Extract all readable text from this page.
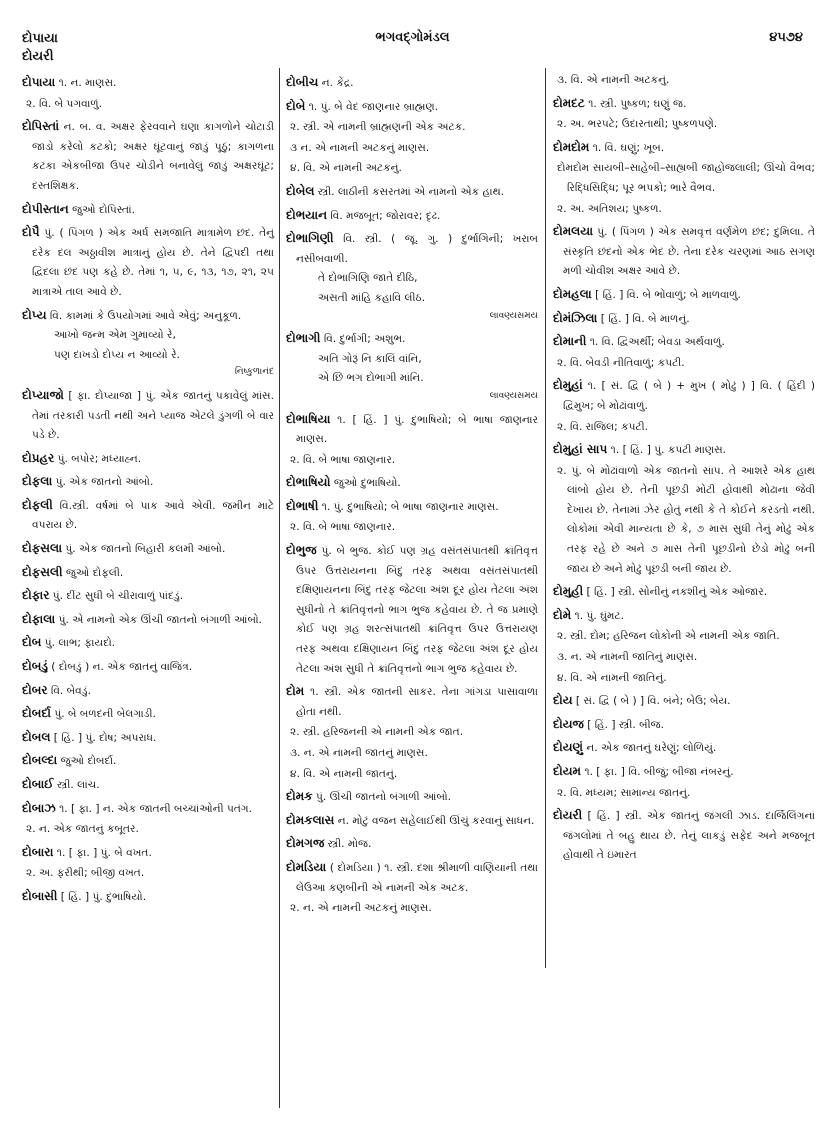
દોપાયા
દોયરી
ભગવદ્ગોમંડલ	૪૫૭૪
દોપાયા ૧. ન. માણસ.
૨. વિ. બે પગવાળું.
દોપિસ્તાં ન. બ. વ. અક્ષર ફેરવવાને ઘણા કાગળોને ચોટાડી જાડો કરેલો કટકો; અક્ષર ઘૂંટવાનું જાડું પૂઠું; કાગળના કટકા એકબીજા ઉપર ચોડીને બનાવેલું જાડું અક્ષરઘૂંટ; દસ્તશિક્ષક.
દોપીસ્તાન જુઓ દોપિસ્તાં.
દોપૈ પું. ( પિંગળ ) એક અર્ધ સમજાતિ માત્રામેળ છંદ. તેનું દરેક દલ અઠ્ઠાવીશ માત્રાનું હોય છે. તેને દ્વિપદી તથા દ્વિદલા છંદ પણ કહે છે. તેમાં ૧, ૫, ૯, ૧૩, ૧૭, ૨૧, ૨૫ માત્રાએ તાલ આવે છે.
દોપ્ય વિ. કામમાં કે ઉપયોગમાં આવે એવું; અનુકૂળ.
આખો જન્મ એમ ગુમાવ્યો રે,
પણ દાખડો દોપ્ય ન આવ્યો રે.
નિષ્કુળાનંદ
દોપ્યાજો [ ફા. દોપ્યાજા ] પું. એક જાતનું પકાવેલું માંસ. તેમાં તરકારી પડતી નથી અને પ્યાજ એટલે ડુંગળી બે વાર પડે છે.
દોપ્રહર પું. બપોર; મધ્યાહ્ન.
દોફલા પું. એક જાતનો આંબો.
દોફલી વિ.સ્ત્રી. વર્ષમાં બે પાક આવે એવી. જમીન માટે વપરાય છે.
દોફસલા પું. એક જાતનો બિહારી કલમી આંબો.
દોફસલી જુઓ દોફલી.
દોફાર પું. દીંટ સુધી બે ચીરાવાળું પાંદડું.
દોફાલા પું. એ નામનો એક ઊંચી જાતનો બંગાળી આંબો.
દોબ પું. લાભ; ફાયદો.
દોબડું ( દોબડું ) ન. એક જાતનું વાજિંત્ર.
દોબર વિ. બેવડું.
દોબર્દા પું. બે બળદની બેલગાડી.
દોબલ [ હિં. ] પું. દોષ; અપરાધ.
દોબલ્દા જુઓ દોબર્દા.
દોબાઈ સ્ત્રી. લાંચ.
દોબાઝ ૧. [ ફા. ] ન. એક જાતની બચ્ચાંઓની પતંગ.
૨. ન. એક જાતનું કબૂતર.
દોબારા ૧. [ ફા. ] પું. બે વખત.
૨. અ. ફરીથી; બીજી વખત.
દોબાસી [ હિં. ] પું. દુભાષિયો.
દોબીચ ન. કેંદ્ર.
દોબે ૧. પું. બે વેદ જાણનાર બ્રાહ્મણ.
૨. સ્ત્રી. એ નામની બ્રાહ્મણની એક અટક.
૩ ન. એ નામની અટકનું માણસ.
૪. વિ. એ નામની અટકનું.
દોબેલ સ્ત્રી. લાઠીની કસરતમાં એ નામનો એક હાથ.
દોભયાન વિ. મજબૂત; જોરાવર; દૃઢ.
દોભાગિણી વિ. સ્ત્રી. ( જૂ. ગુ. ) દુર્ભાગિની; ખરાબ નસીબવાળી.
તે દોભાગિણિ જાતે દીઠિ,
અસતી માંહિ કહાવિ લીઠ.
લાવણ્યસમય
દોભાગી વિ. દુર્ભાગી; અશુભ.
અતિ ગોરૂં નિ કાલિં વાંનિ,
એ છિ ભગ દોભાગી માંનિ.
લાવણ્યસમય
દોભાષિયા ૧. [ હિં. ] પું. દુભાષિયો; બે ભાષા જાણનાર માણસ.
૨. વિ. બે ભાષા જાણનાર.
દોભાષિયો જુઓ દુભાષિયો.
દોભાષી ૧. પું. દુભાષિયો; બે ભાષા જાણનાર માણસ.
૨. વિ. બે ભાષા જાણનાર.
દોભુજ પું. બે ભુજ. કોઈ પણ ગ્રહ વસંતસંપાતથી ક્રાંતિવૃત્ત ઉપર ઉત્તરાયનના બિંદુ તરફ અથવા વસંતસંપાતથી દક્ષિણાયનના બિંદુ તરફ જેટલા અંશ દૂર હોય તેટલા અંશ સુધીનો તે ક્રાંતિવૃત્તનો ભાગ ભુજ કહેવાય છે. તે જ પ્રમાણે કોઈ પણ ગ્રહ શરત્સંપાતથી ક્રાંતિવૃત્ત ઉપર ઉત્તરાયણ તરફ અથવા દક્ષિણાયન બિંદુ તરફ જેટલા અંશ દૂર હોય તેટલા અંશ સુધી તે ક્રાંતિવૃત્તનો ભાગ ભુજ કહેવાય છે.
દોમ ૧. સ્ત્રી. એક જાતની સાકર. તેના ગાંગડા પાસાવાળા હોતા નથી.
૨. સ્ત્રી. હરિજનની એ નામની એક જાત.
૩. ન. એ નામની જાતનું માણસ.
૪. વિ. એ નામની જાતનું.
દોમક પું. ઊંચી જાતનો બંગાળી આંબો.
દોમકલાસ ન. મોટું વજન સહેલાઈથી ઊંચું કરવાનું સાધન.
દોમગજ સ્ત્રી. મોજ.
દોમડિયા ( દોમડિયા ) ૧. સ્ત્રી. દશા શ્રીમાળી વાણિયાની તથા લેઉઆ કણબીની એ નામની એક અટક.
૨. ન. એ નામની અટકનું માણસ.
૩. વિ. એ નામની અટકનું.
દોમદટ ૧. સ્ત્રી. પુષ્કળ; ઘણું જ.
૨. અ. ભરપટે; ઉદારતાથી; પુષ્કળપણે.
દોમદોમ ૧. વિ. ઘણું; ખૂબ.
દોમદોમ સાયબી–સાહેબી–સાહ્યબી જાહોજલાલી; ઊંચો વૈભવ; રિદ્ધિસિદ્ધિ; પૂર ભપકો; ભારે વૈભવ.
૨. અ. અતિશય; પુષ્કળ.
દોમલયા પું. ( પિંગળ ) એક સમવૃત્ત વર્ણમેળ છંદ; દુમિલા. તે સંસ્કૃતિ છંદનો એક ભેદ છે. તેના દરેક ચરણમાં આઠ સગણ મળી ચોવીશ અક્ષર આવે છે.
દોમહલા [ હિં. ] વિ. બે ભોંવાળું; બે માળવાળું.
દોમંઝિલા [ હિં. ] વિ. બે માળનું.
દોમાની ૧. વિ. દ્વિઅર્થી; બેવડા અર્થવાળું.
૨. વિ. બેવડી નીતિવાળું; કપટી.
દોમુહાં ૧. [ સં. દ્વિ ( બે ) + મુખ ( મોઢું ) ] વિ. ( હિંદી ) દ્વિમુખ; બે મોઢાંવાળું.
૨. વિ. રાજિલ; કપટી.
દોમુહાં સાપ ૧. [ હિં. ] પું. કપટી માણસ.
૨. પું. બે મોઢાંવાળો એક જાતનો સાપ. તે આશરે એક હાથ લાંબો હોય છે. તેની પૂછડી મોટી હોવાથી મોઢાના જેવી દેખાય છે. તેનામાં ઝેર હોતું નથી કે તે કોઈને કરડતો નથી. લોકોમાં એવી માન્યતા છે કે, ૭ માસ સુધી તેનું મોઢું એક તરફ રહે છે અને ૭ માસ તેની પૂછડીનો છેડો મોઢું બની જાય છે અને મોઢું પૂછડી બની જાય છે.
દોમુહી [ હિં. ] સ્ત્રી. સોનીનું નકશીનું એક ઓજાર.
દોમે ૧. પું. ઘુંમટ.
૨. સ્ત્રી. દોમ; હરિજન લોકોની એ નામની એક જાતિ.
૩. ન. એ નામની જાતિનું માણસ.
૪. વિ. એ નામની જાતિનું.
દોય [ સં. દ્વિ ( બે ) ] વિ. બંને; બેઉ; બેય.
દોયજ [ હિં. ] સ્ત્રી. બીજ.
દોયણું ન. એક જાતનું ઘરેણું; લોળિયું.
દોયમ ૧. [ ફા. ] વિ. બીજું; બીજા નંબરનું.
૨. વિ. મધ્યમ; સામાન્ય જાતનું.
દોયરી [ હિં. ] સ્ત્રી. એક જાતનું જંગલી ઝાડ. દાર્જિલિંગનાં જંગલોમાં તે બહુ થાય છે. તેનું લાકડું સફેદ અને મજબૂત હોવાથી તે ઇમારત
